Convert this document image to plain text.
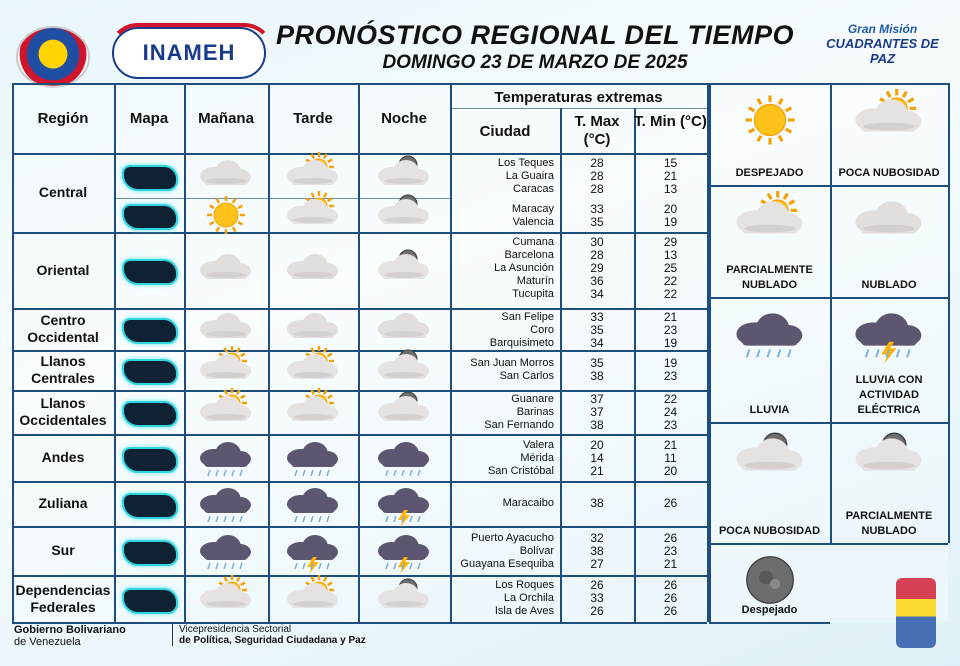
INAMEH
PRONÓSTICO REGIONAL DEL TIEMPO
DOMINGO 23 DE MARZO DE 2025
Gran Misión
CUADRANTES DE PAZ
Región	Mapa	Mañana	Tarde	Noche
Temperaturas extremas
Ciudad
T. Max (°C)
T. Min (°C)
Central
Los Teques	28	15
La Guaira	28	21
Caracas	28	13
Maracay	33	20
Valencia	35	19
Oriental
Cumana	30	29
Barcelona	28	13
La Asunción	29	25
Maturín	36	22
Tucupita	34	22
Centro Occidental
San Felipe	33	21
Coro	35	23
Barquisimeto	34	19
Llanos Centrales
San Juan Morros	35	19
San Carlos	38	23
Llanos Occidentales
Guanare	37	22
Barinas	37	24
San Fernando	38	23
Andes
Valera	20	21
Mérida	14	11
San Cristóbal	21	20
Zuliana	Maracaibo	38	26
Sur
Puerto Ayacucho	32	26
Bolívar	38	23
Guayana Esequiba	27	21
Dependencias Federales
Los Roques	26	26
La Orchila	33	26
Isla de Aves	26	26
DESPEJADO	POCA NUBOSIDAD
PARCIALMENTE NUBLADO	NUBLADO
LLUVIA
LLUVIA CON ACTIVIDAD ELÉCTRICA
POCA NUBOSIDAD
PARCIALMENTE NUBLADO
Despejado
Gobierno Bolivariano
de Venezuela
Vicepresidencia Sectorial
de Política, Seguridad Ciudadana y Paz
